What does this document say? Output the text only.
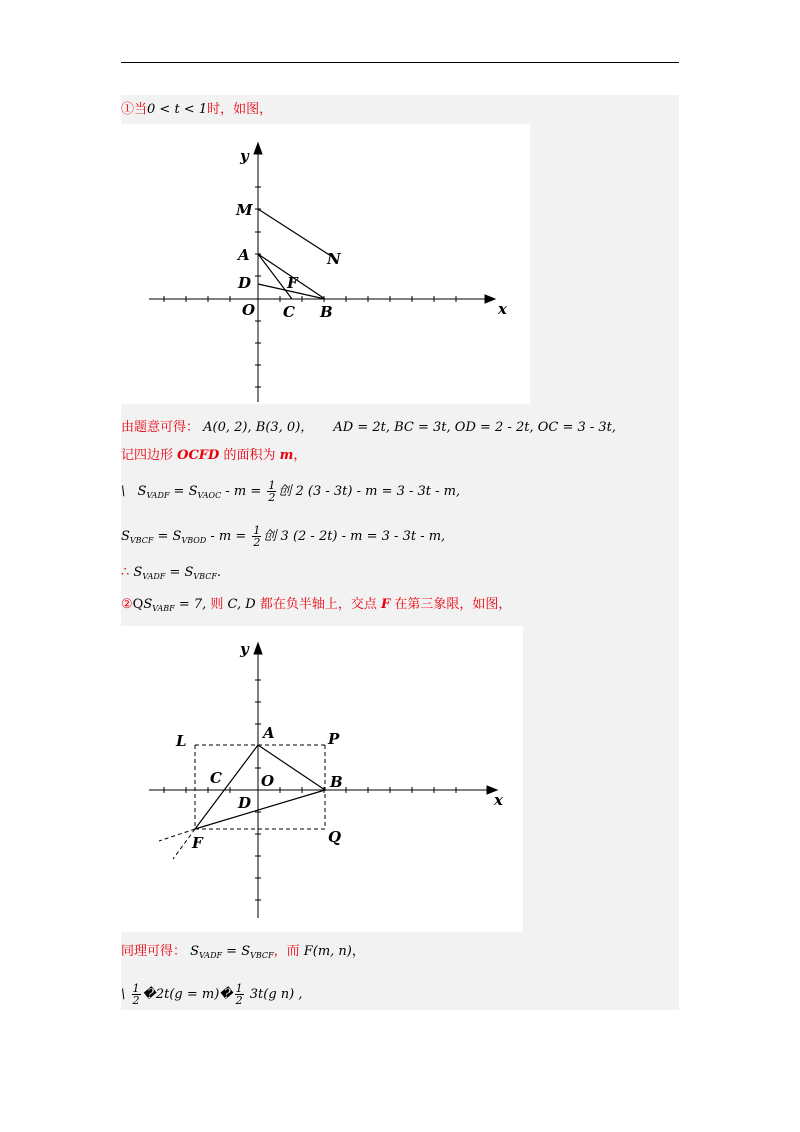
①当0 < t < 1时，如图，
y
x
M
N
A
D F
O C B
由题意可得： A(0, 2), B(3, 0)， AD = 2t, BC = 3t, OD = 2 - 2t, OC = 3 - 3t,
记四边形 OCFD 的面积为 m，
\ $S_{VADF} = S_{VAOC} - m = \frac{1}{2}$ 创 2 (3 - 3t) - m = 3 - 3t - m,
$S_{VBCF} = S_{VBOD} - m = \frac{1}{2}$ 创 3 (2 - 2t) - m = 3 - 3t - m,
∴ $S_{VADF} = S_{VBCF}$.
$②QS_{VABF} = 7$, 则 C, D 都在负半轴上，交点 F 在第三象限，如图，
y
x
L	A	P
C	O	B
D
F	Q
同理可得： $S_{VADF} = S_{VBCF}$，而 F(m, n)，
\ $\frac{1}{2}$ �2t(g = m)� $\frac{1}{2} 3t(g$ n) ,
